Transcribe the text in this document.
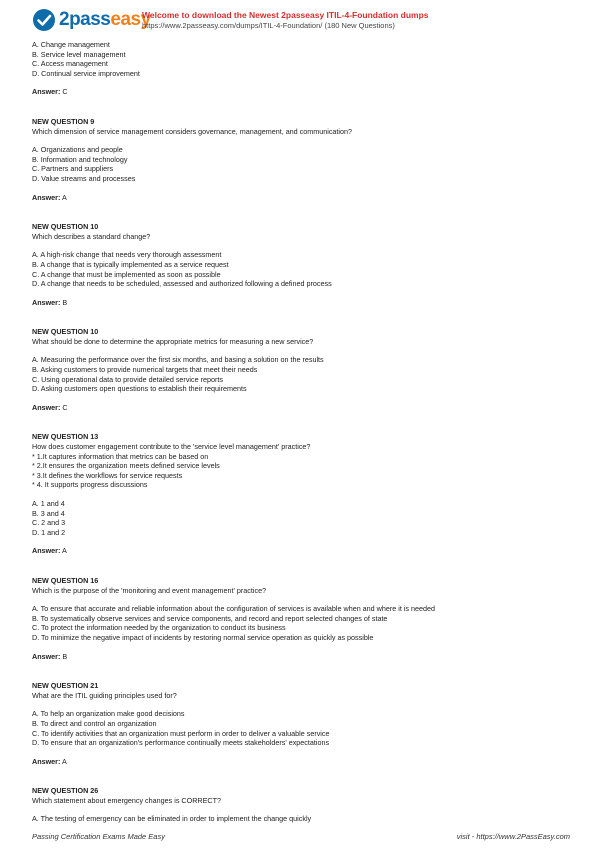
2passeasy
Welcome to download the Newest 2passeasy ITIL-4-Foundation dumps
https://www.2passeasy.com/dumps/ITIL-4-Foundation/ (180 New Questions)

A. Change management

B. Service level management

C. Access management

D. Continual service improvement

Answer: C

NEW QUESTION 9

Which dimension of service management considers governance, management, and communication?

A. Organizations and people

B. Information and technology

C. Partners and suppliers

D. Value streams and processes

Answer: A

NEW QUESTION 10

Which describes a standard change?

A. A high-risk change that needs very thorough assessment

B. A change that is typically implemented as a service request

C. A change that must be implemented as soon as possible

D. A change that needs to be scheduled, assessed and authorized following a defined process

Answer: B

NEW QUESTION 10

What should be done to determine the appropriate metrics for measuring a new service?

A. Measuring the performance over the first six months, and basing a solution on the results

B. Asking customers to provide numerical targets that meet their needs

C. Using operational data to provide detailed service reports

D. Asking customers open questions to establish their requirements

Answer: C

NEW QUESTION 13

How does customer engagement contribute to the 'service level management' practice?

* 1.It captures information that metrics can be based on

* 2.It ensures the organization meets defined service levels

* 3.It defines the workflows for service requests

* 4. It supports progress discussions

A. 1 and 4

B. 3 and 4

C. 2 and 3

D. 1 and 2

Answer: A

NEW QUESTION 16

Which is the purpose of the 'monitoring and event management' practice?

A. To ensure that accurate and reliable information about the configuration of services is available when and where it is needed

B. To systematically observe services and service components, and record and report selected changes of state

C. To protect the information needed by the organization to conduct its business

D. To minimize the negative impact of incidents by restoring normal service operation as quickly as possible

Answer: B

NEW QUESTION 21

What are the ITIL guiding principles used for?

A. To help an organization make good decisions

B. To direct and control an organization

C. To identify activities that an organization must perform in order to deliver a valuable service

D. To ensure that an organization's performance continually meets stakeholders' expectations

Answer: A

NEW QUESTION 26

Which statement about emergency changes is CORRECT?

A. The testing of emergency can be eliminated in order to implement the change quickly

Passing Certification Exams Made Easy	visit - https://www.2PassEasy.com
